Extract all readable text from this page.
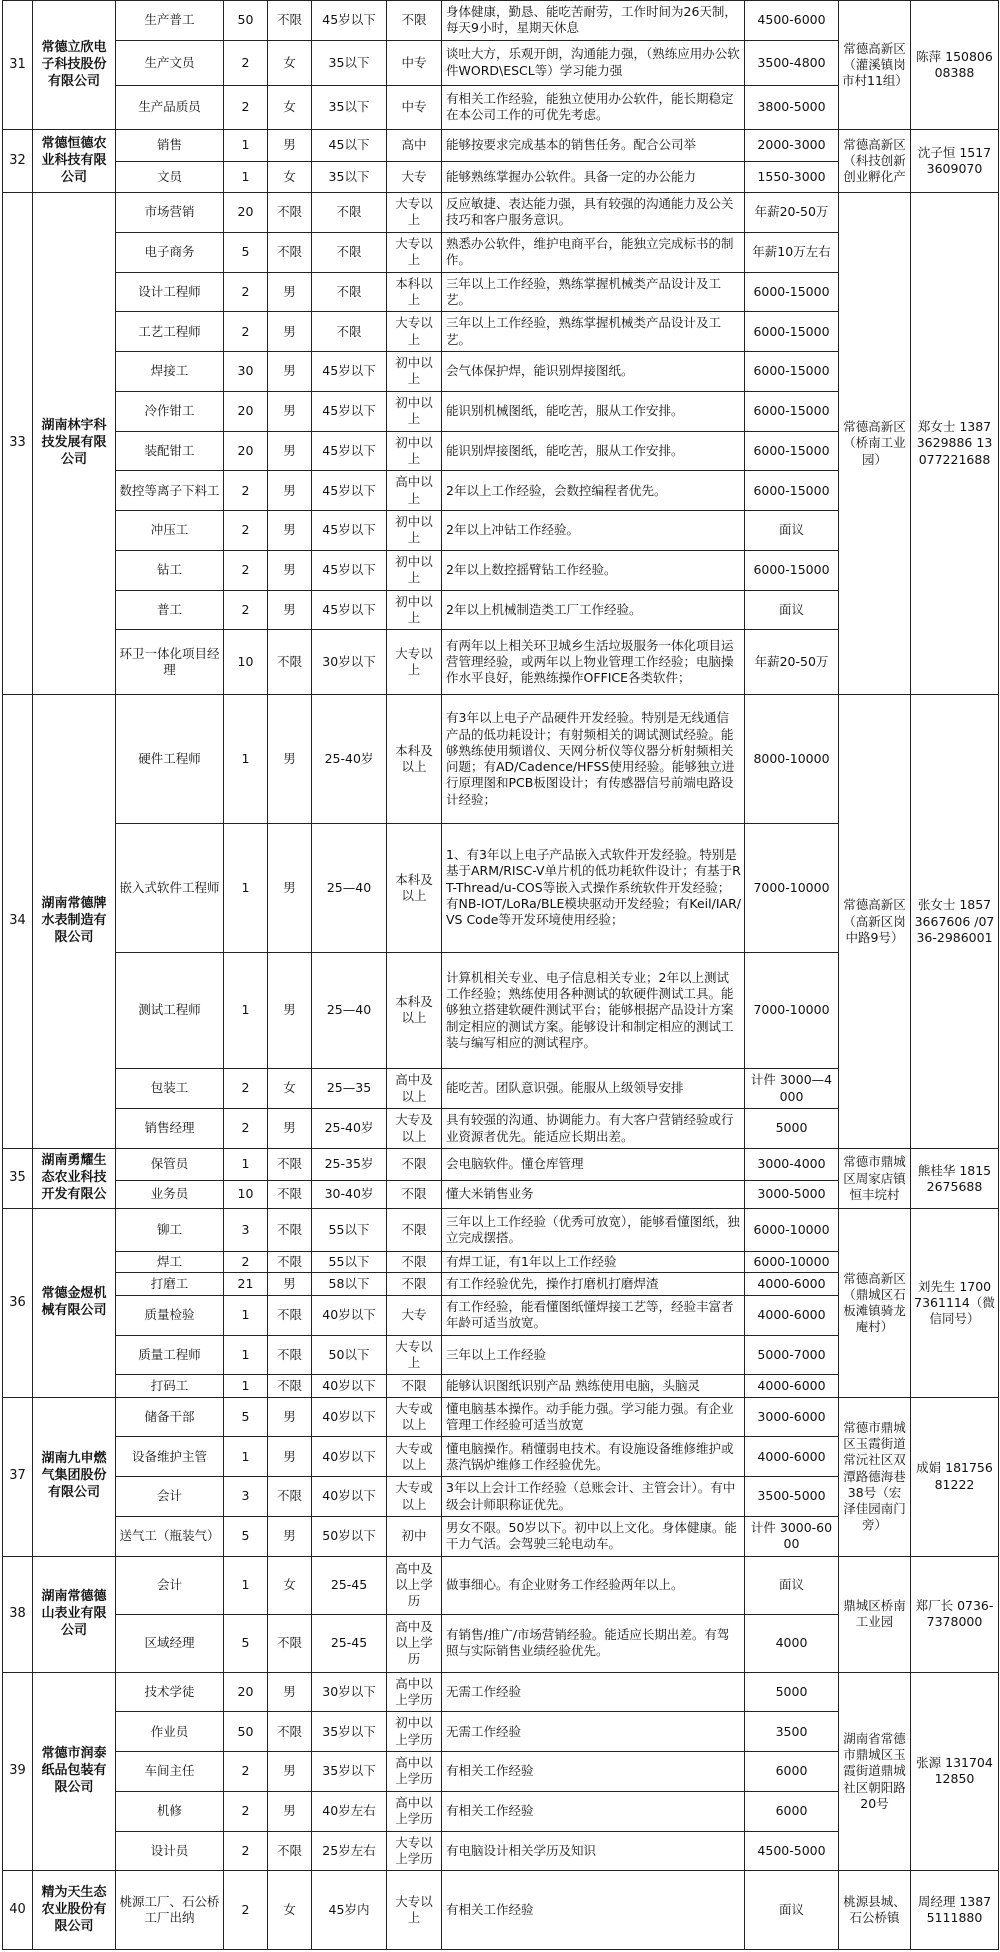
31	常德立欣电子科技股份有限公司	生产普工	50	不限	45岁以下	不限	身体健康，勤恳、能吃苦耐劳，工作时间为26天制，每天9小时，星期天休息	4500-6000	常德高新区（灌溪镇岗市村11组）	陈萍 15080608388
		生产文员	2	女	35以下	中专	谈吐大方，乐观开朗，沟通能力强，（熟练应用办公软件WORD\ESCL等）学习能力强	3500-4800		
		生产品质员	2	女	35以下	中专	有相关工作经验，能独立使用办公软件，能长期稳定在本公司工作的可优先考虑。	3800-5000		
32	常德恒德农业科技有限公司	销售	1	男	45以下	高中	能够按要求完成基本的销售任务。配合公司举	2000-3000	常德高新区（科技创新创业孵化产	沈子恒 15173609070
		文员	1	女	35以下	大专	能够熟练掌握办公软件。具备一定的办公能力	1550-3000		
33	湖南林宇科技发展有限公司	市场营销	20	不限	不限	大专以上	反应敏捷、表达能力强，具有较强的沟通能力及公关技巧和客户服务意识。	年薪20-50万	常德高新区（桥南工业园）	郑女士 13873629886 13077221688
		电子商务	5	不限	不限	大专以上	熟悉办公软件，维护电商平台，能独立完成标书的制作。	年薪10万左右		
		设计工程师	2	男	不限	本科以上	三年以上工作经验，熟练掌握机械类产品设计及工艺。	6000-15000		
		工艺工程师	2	男	不限	大专以上	三年以上工作经验，熟练掌握机械类产品设计及工艺。	6000-15000		
		焊接工	30	男	45岁以下	初中以上	会气体保护焊，能识别焊接图纸。	6000-15000		
		冷作钳工	20	男	45岁以下	初中以上	能识别机械图纸，能吃苦，服从工作安排。	6000-15000		
		装配钳工	20	男	45岁以下	初中以上	能识别焊接图纸，能吃苦，服从工作安排。	6000-15000		
		数控等离子下料工	2	男	45岁以下	高中以上	2年以上工作经验，会数控编程者优先。	6000-15000		
		冲压工	2	男	45岁以下	初中以上	2年以上冲钻工作经验。	面议		
		钻工	2	男	45岁以下	初中以上	2年以上数控摇臂钻工作经验。	6000-15000		
		普工	2	男	45岁以下	初中以上	2年以上机械制造类工厂工作经验。	面议		
		环卫一体化项目经理	10	不限	30岁以下	大专以上	有两年以上相关环卫城乡生活垃圾服务一体化项目运营管理经验，或两年以上物业管理工作经验；电脑操作水平良好，能熟练操作OFFICE各类软件；	年薪20-50万		
34	湖南常德牌水表制造有限公司	硬件工程师	1	男	25-40岁	本科及以上	有3年以上电子产品硬件开发经验。特别是无线通信产品的低功耗设计；有射频相关的调试测试经验。能够熟练使用频谱仪、天网分析仪等仪器分析射频相关问题；有AD/Cadence/HFSS使用经验。能够独立进行原理图和PCB板图设计；有传感器信号前端电路设计经验；	8000-10000	常德高新区（高新区岗中路9号）	张女士 18573667606 /0736-2986001
		嵌入式软件工程师	1	男	25—40	本科及以上	1、有3年以上电子产品嵌入式软件开发经验。特别是基于ARM/RISC-V单片机的低功耗软件设计；有基于RT-Thread/u-COS等嵌入式操作系统软件开发经验；有NB-IOT/LoRa/BLE模块驱动开发经验；有Keil/IAR/VS Code等开发环境使用经验；	7000-10000		
		测试工程师	1	男	25—40	本科及以上	计算机相关专业、电子信息相关专业；2年以上测试工作经验；熟练使用各种测试的软硬件测试工具。能够独立搭建软硬件测试平台；能够根据产品设计方案制定相应的测试方案。能够设计和制定相应的测试工装与编写相应的测试程序。	7000-10000		
		包装工	2	女	25—35	高中及以上	能吃苦。团队意识强。能服从上级领导安排	计件 3000—4000		
		销售经理	2	男	25-40岁	大专及以上	具有较强的沟通、协调能力。有大客户营销经验或行业资源者优先。能适应长期出差。	5000		
35	湖南勇耀生态农业科技开发有限公	保管员	1	不限	25-35岁	不限	会电脑软件。懂仓库管理	3000-4000	常德市鼎城区周家店镇恒丰垸村	熊桂华 18152675688
		业务员	10	不限	30-40岁	不限	懂大米销售业务	3000-5000		
36	常德金煜机械有限公司	铆工	3	不限	55以下	不限	三年以上工作经验（优秀可放宽），能够看懂图纸，独立完成摆搭。	6000-10000	常德高新区（鼎城区石板滩镇骑龙庵村）	刘先生 17007361114（微信同号）
		焊工	2	不限	55以下	不限	有焊工证，有1年以上工作经验	6000-10000		
		打磨工	21	男	58以下	不限	有工作经验优先，操作打磨机打磨焊渣	4000-6000		
		质量检验	1	不限	40岁以下	大专	有工作经验，能看懂图纸懂焊接工艺等，经验丰富者年龄可适当放宽。	4000-6000		
		质量工程师	1	不限	50以下	大专以上	三年以上工作经验	5000-7000		
		打码工	1	不限	40岁以下	不限	能够认识图纸识别产品 熟练使用电脑，头脑灵	4000-6000		
37	湖南九申燃气集团股份有限公司	储备干部	5	男	40岁以下	大专或以上	懂电脑基本操作。动手能力强。学习能力强。有企业管理工作经验可适当放宽	3000-6000	常德市鼎城区玉霞街道常沅社区双潭路德海巷38号（宏泽佳园南门旁）	成娟 18175681222
		设备维护主管	1	男	40岁以下	大专或以上	懂电脑操作。稍懂弱电技术。有设施设备维修维护或蒸汽锅炉维修工作经验优先。	4000-6000		
		会计	3	不限	40岁以下	大专或以上	3年以上会计工作经验（总账会计、主管会计）。有中级会计师职称证优先。	3500-5000		
		送气工（瓶装气）	5	男	50岁以下	初中	男女不限。50岁以下。初中以上文化。身体健康。能干力气活。会驾驶三轮电动车。	计件 3000-6000		
38	湖南常德德山表业有限公司	会计	1	女	25-45	高中及以上学历	做事细心。有企业财务工作经验两年以上。	面议	鼎城区桥南工业园	郑厂长 0736-7378000
		区域经理	5	不限	25-45	高中及以上学历	有销售/推广/市场营销经验。能适应长期出差。有驾照与实际销售业绩经验优先。	4000		
39	常德市润泰纸品包装有限公司	技术学徒	20	男	30岁以下	高中以上学历	无需工作经验	5000	湖南省常德市鼎城区玉霞街道鼎城社区朝阳路20号	张源 13170412850
		作业员	50	不限	35岁以下	初中以上学历	无需工作经验	3500		
		车间主任	2	男	35岁以下	高中以上学历	有相关工作经验	6000		
		机修	2	男	40岁左右	高中以上学历	有相关工作经验	6000		
		设计员	2	不限	25岁左右	大专以上学历	有电脑设计相关学历及知识	4500-5000		
40	精为天生态农业股份有限公司	桃源工厂、石公桥工厂出纳	2	女	45岁内	大专以上	有相关工作经验	面议	桃源县城、石公桥镇	周经理 13875111880
